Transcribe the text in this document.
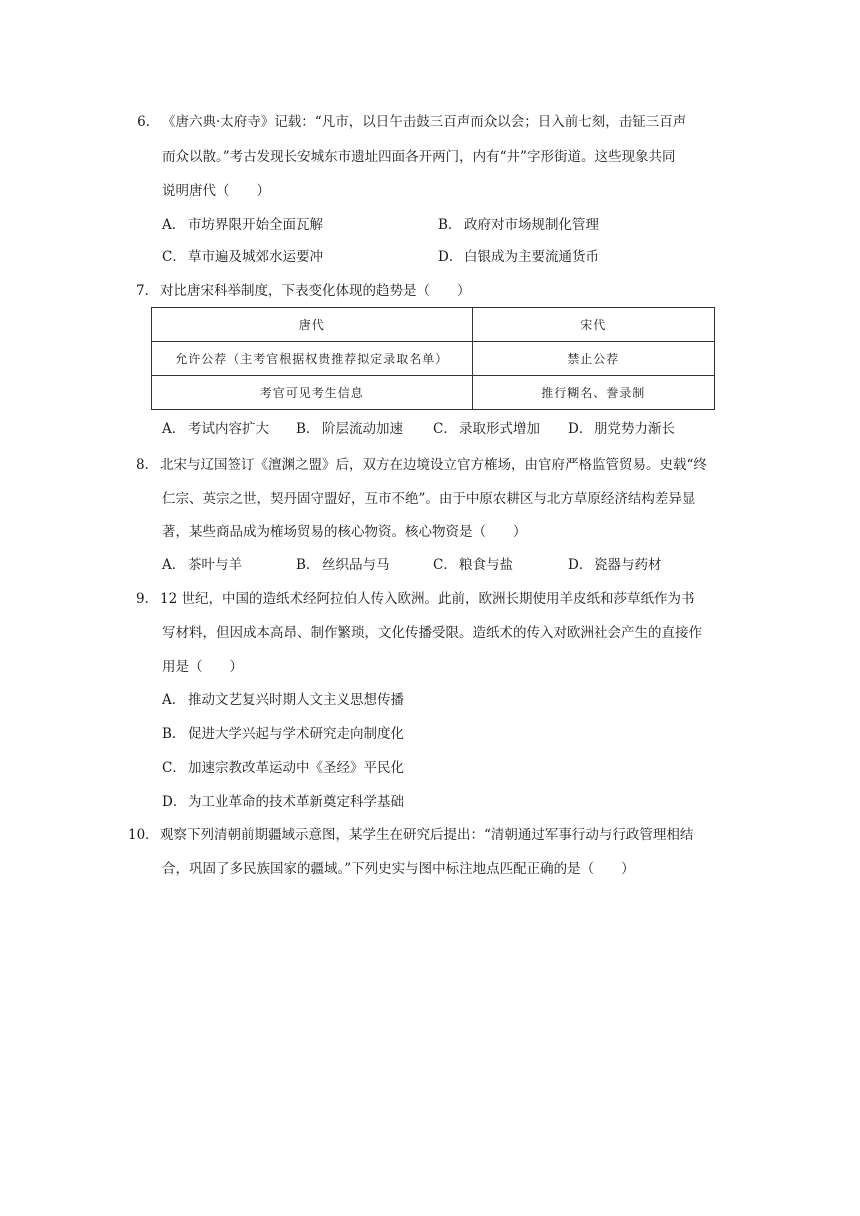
6. 《唐六典·太府寺》记载：“凡市，以日午击鼓三百声而众以会；日入前七刻，击钲三百声
而众以散。”考古发现长安城东市遗址四面各开两门，内有“井”字形街道。这些现象共同
说明唐代（　　）
A． 市坊界限开始全面瓦解	B． 政府对市场规制化管理
C． 草市遍及城郊水运要冲	D． 白银成为主要流通货币
7． 对比唐宋科举制度，下表变化体现的趋势是（　　）
唐代	宋代
允许公荐（主考官根据权贵推荐拟定录取名单）	禁止公荐
考官可见考生信息	推行糊名、誊录制
A． 考试内容扩大 B． 阶层流动加速 C． 录取形式增加 D． 朋党势力渐长
8． 北宋与辽国签订《澶渊之盟》后，双方在边境设立官方榷场，由官府严格监管贸易。史载“终
仁宗、英宗之世，契丹固守盟好，互市不绝”。由于中原农耕区与北方草原经济结构差异显
著，某些商品成为榷场贸易的核心物资。核心物资是（　　）
A． 茶叶与羊	B． 丝织品与马	C． 粮食与盐	D． 瓷器与药材
9． 12 世纪，中国的造纸术经阿拉伯人传入欧洲。此前，欧洲长期使用羊皮纸和莎草纸作为书
写材料，但因成本高昂、制作繁琐，文化传播受限。造纸术的传入对欧洲社会产生的直接作
用是（　　）
A． 推动文艺复兴时期人文主义思想传播
B． 促进大学兴起与学术研究走向制度化
C． 加速宗教改革运动中《圣经》平民化
D． 为工业革命的技术革新奠定科学基础
10． 观察下列清朝前期疆域示意图，某学生在研究后提出：“清朝通过军事行动与行政管理相结
合，巩固了多民族国家的疆域。”下列史实与图中标注地点匹配正确的是（　　）
